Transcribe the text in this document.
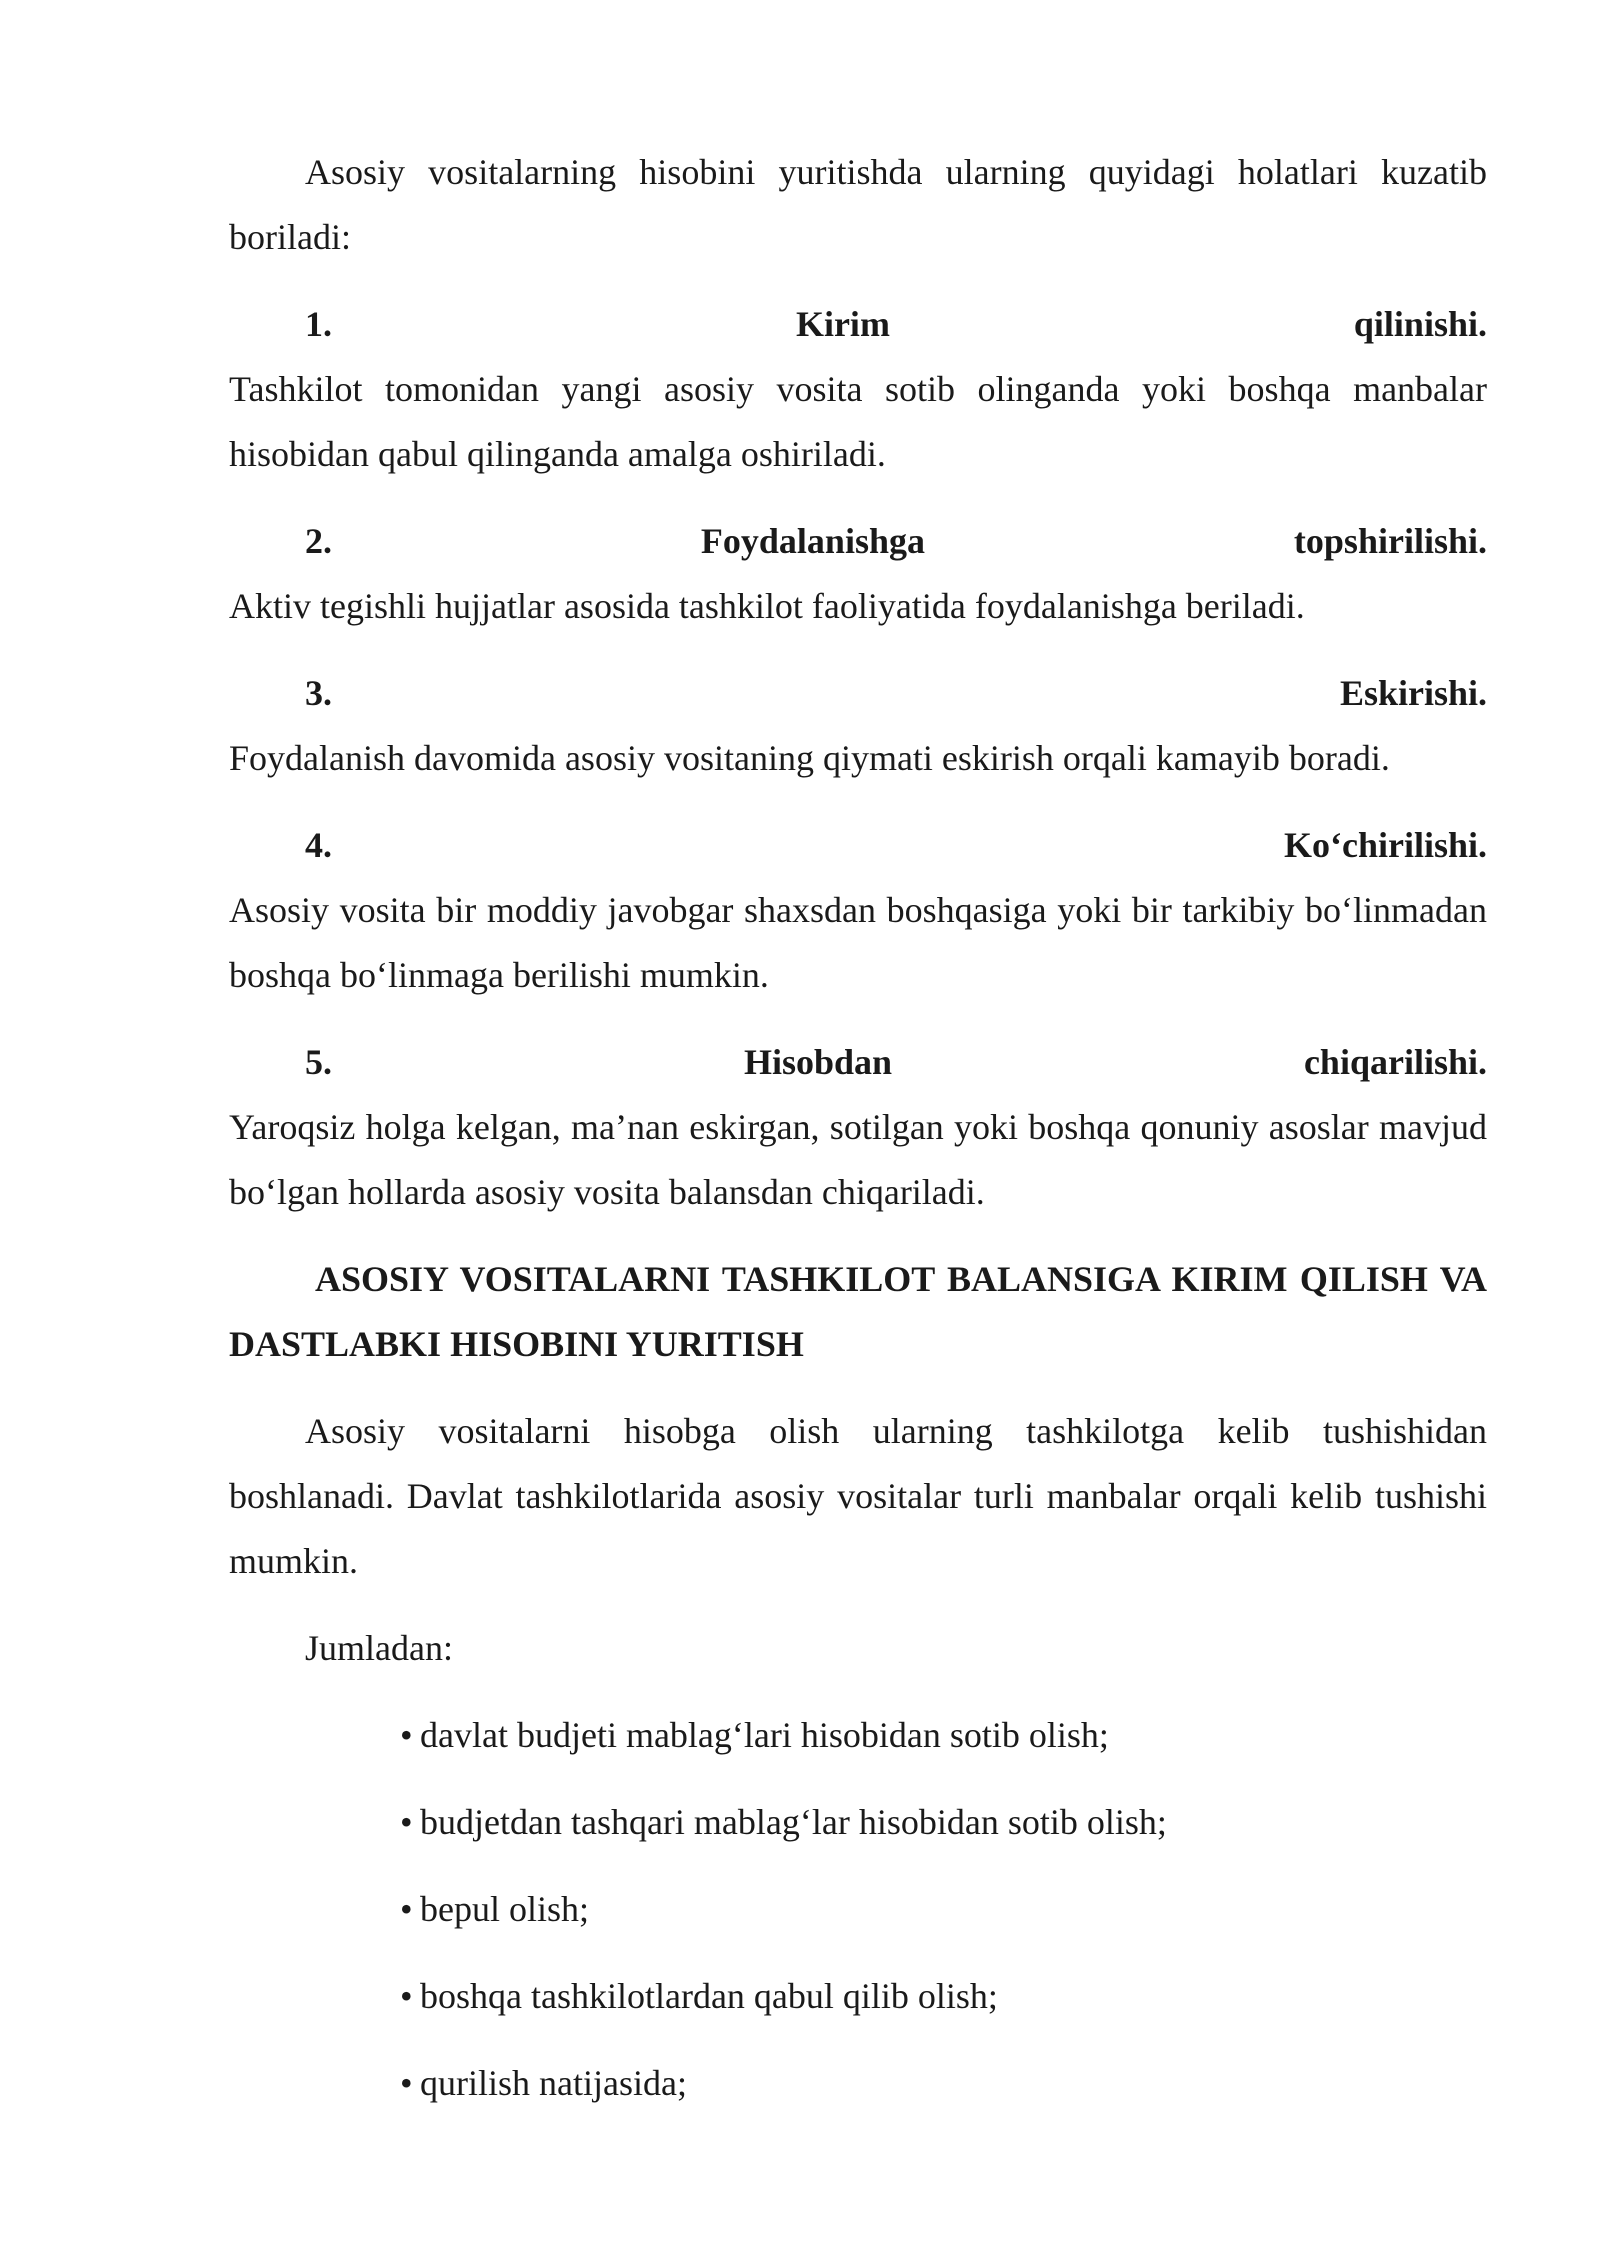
Asosiy vositalarning hisobini yuritishda ularning quyidagi holatlari kuzatib boriladi:

1.	Kirim	qilinishi.

Tashkilot tomonidan yangi asosiy vosita sotib olinganda yoki boshqa manbalar hisobidan qabul qilinganda amalga oshiriladi.

2.	Foydalanishga	topshirilishi.

Aktiv tegishli hujjatlar asosida tashkilot faoliyatida foydalanishga beriladi.

3.	Eskirishi.

Foydalanish davomida asosiy vositaning qiymati eskirish orqali kamayib boradi.

4.	Ko‘chirilishi.

Asosiy vosita bir moddiy javobgar shaxsdan boshqasiga yoki bir tarkibiy bo‘linmadan boshqa bo‘linmaga berilishi mumkin.

5.	Hisobdan	chiqarilishi.

Yaroqsiz holga kelgan, ma’nan eskirgan, sotilgan yoki boshqa qonuniy asoslar mavjud bo‘lgan hollarda asosiy vosita balansdan chiqariladi.

ASOSIY VOSITALARNI TASHKILOT BALANSIGA KIRIM QILISH VA DASTLABKI HISOBINI YURITISH

Asosiy vositalarni hisobga olish ularning tashkilotga kelib tushishidan boshlanadi. Davlat tashkilotlarida asosiy vositalar turli manbalar orqali kelib tushishi mumkin.

Jumladan:

• davlat budjeti mablag‘lari hisobidan sotib olish;
• budjetdan tashqari mablag‘lar hisobidan sotib olish;
• bepul olish;
• boshqa tashkilotlardan qabul qilib olish;
• qurilish natijasida;
